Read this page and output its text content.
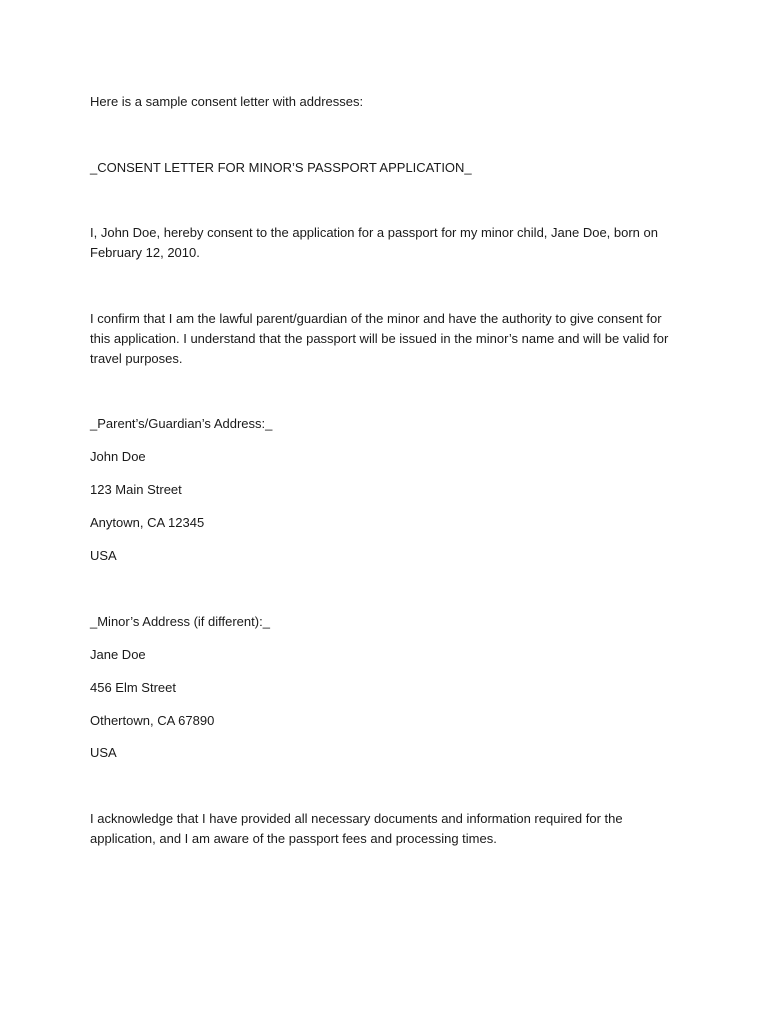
Here is a sample consent letter with addresses:

_CONSENT LETTER FOR MINOR’S PASSPORT APPLICATION_

I, John Doe, hereby consent to the application for a passport for my minor child, Jane Doe, born on February 12, 2010.

I confirm that I am the lawful parent/guardian of the minor and have the authority to give consent for this application. I understand that the passport will be issued in the minor’s name and will be valid for travel purposes.

_Parent’s/Guardian’s Address:_

John Doe

123 Main Street

Anytown, CA 12345

USA

_Minor’s Address (if different):_

Jane Doe

456 Elm Street

Othertown, CA 67890

USA

I acknowledge that I have provided all necessary documents and information required for the application, and I am aware of the passport fees and processing times.
